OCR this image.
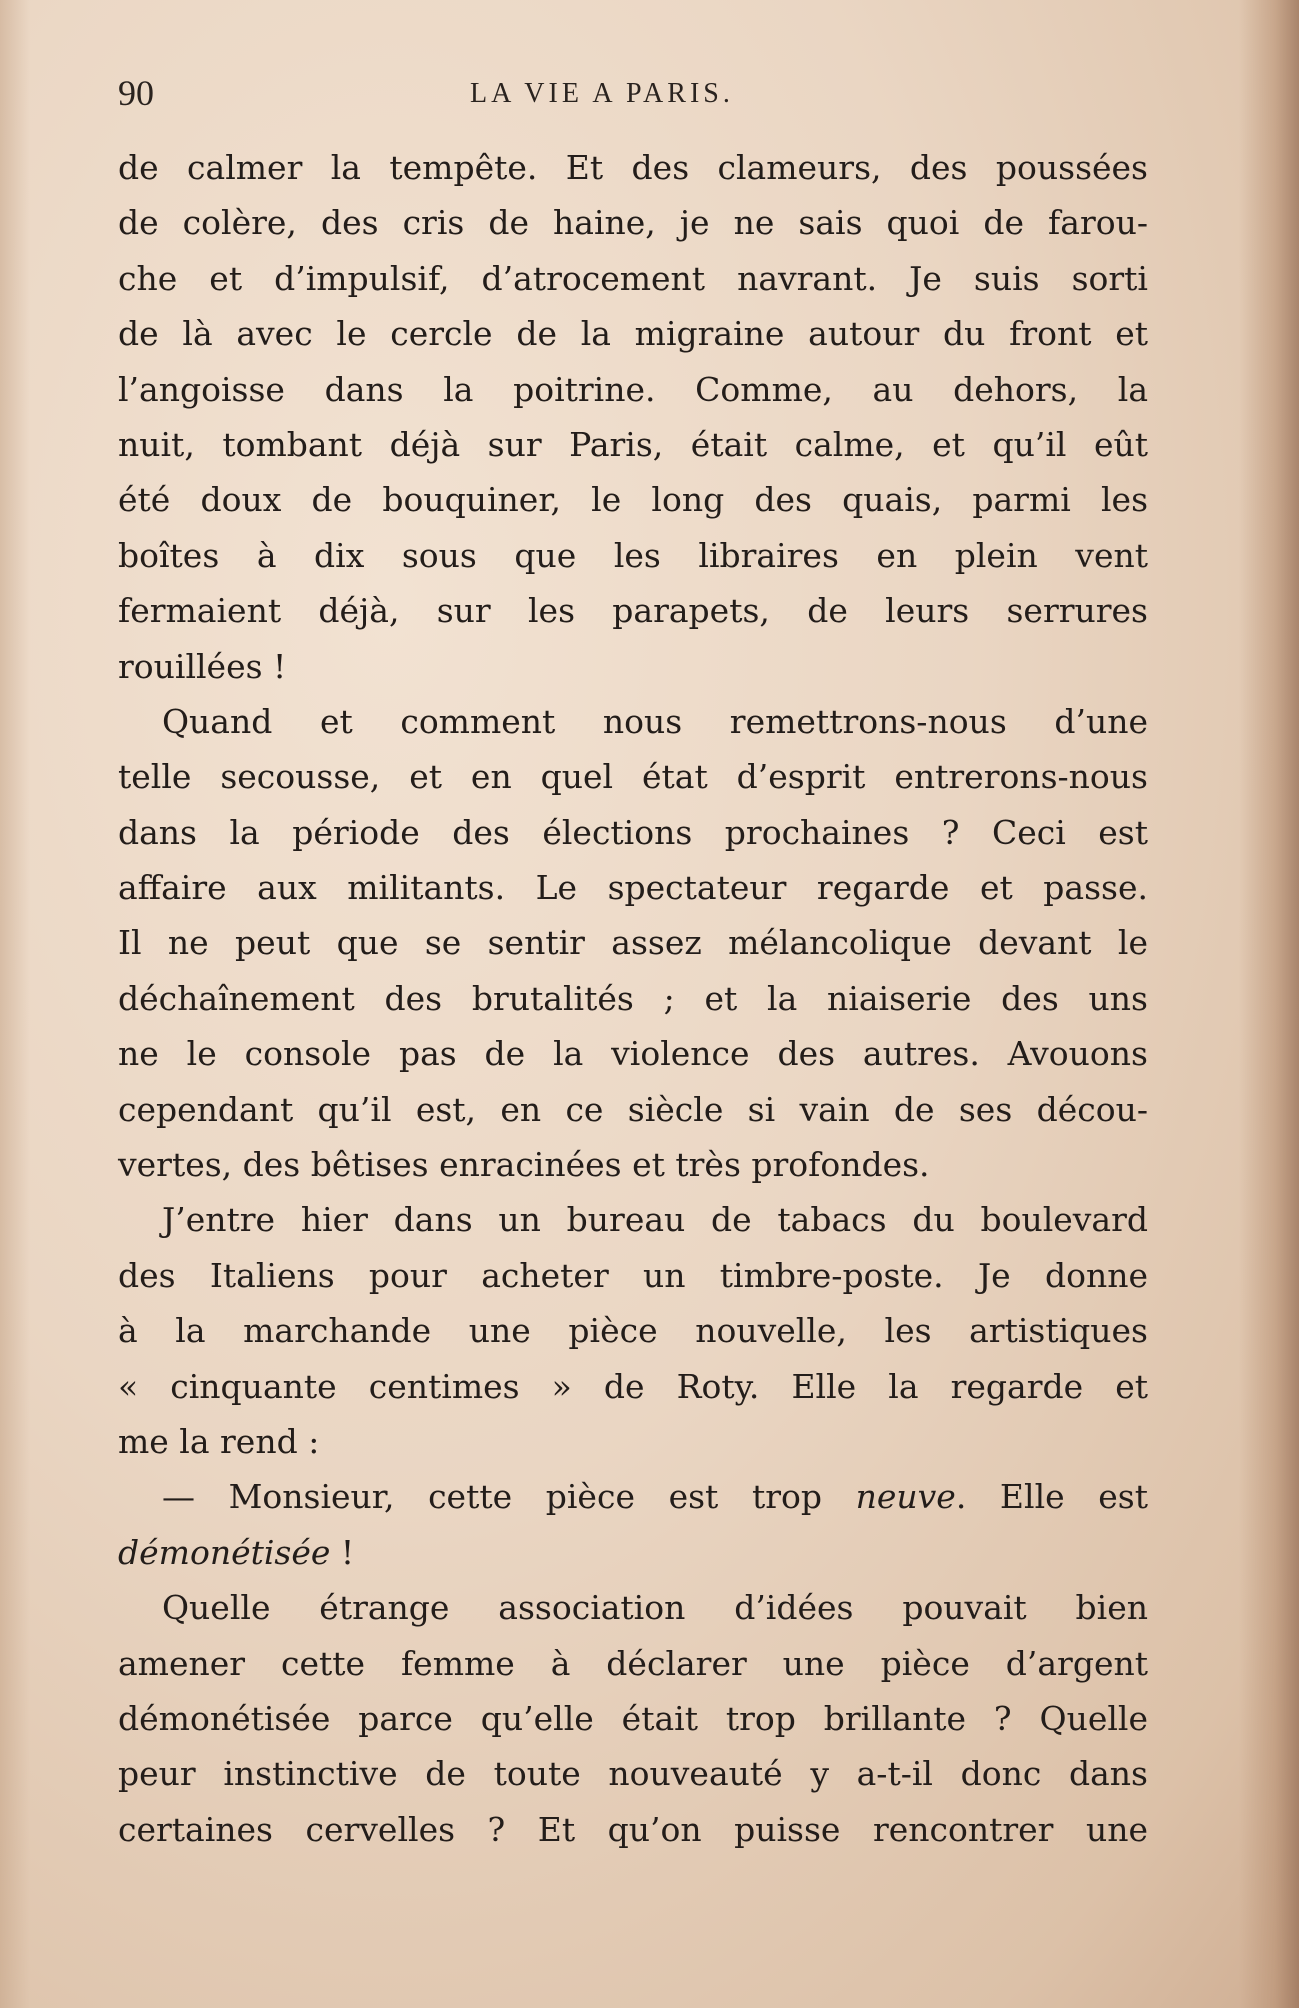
90	LA VIE A PARIS.
de calmer la tempête. Et des clameurs, des poussées
de colère, des cris de haine, je ne sais quoi de farou-
che et d’impulsif, d’atrocement navrant. Je suis sorti
de là avec le cercle de la migraine autour du front et
l’angoisse dans la poitrine. Comme, au dehors, la
nuit, tombant déjà sur Paris, était calme, et qu’il eût
été doux de bouquiner, le long des quais, parmi les
boîtes à dix sous que les libraires en plein vent
fermaient déjà, sur les parapets, de leurs serrures
rouillées !
Quand et comment nous remettrons-nous d’une
telle secousse, et en quel état d’esprit entrerons-nous
dans la période des élections prochaines ? Ceci est
affaire aux militants. Le spectateur regarde et passe.
Il ne peut que se sentir assez mélancolique devant le
déchaînement des brutalités ; et la niaiserie des uns
ne le console pas de la violence des autres. Avouons
cependant qu’il est, en ce siècle si vain de ses décou-
vertes, des bêtises enracinées et très profondes.
J’entre hier dans un bureau de tabacs du boulevard
des Italiens pour acheter un timbre-poste. Je donne
à la marchande une pièce nouvelle, les artistiques
« cinquante centimes » de Roty. Elle la regarde et
me la rend :
— Monsieur, cette pièce est trop neuve. Elle est
démonétisée !
Quelle étrange association d’idées pouvait bien
amener cette femme à déclarer une pièce d’argent
démonétisée parce qu’elle était trop brillante ? Quelle
peur instinctive de toute nouveauté y a-t-il donc dans
certaines cervelles ? Et qu’on puisse rencontrer une
